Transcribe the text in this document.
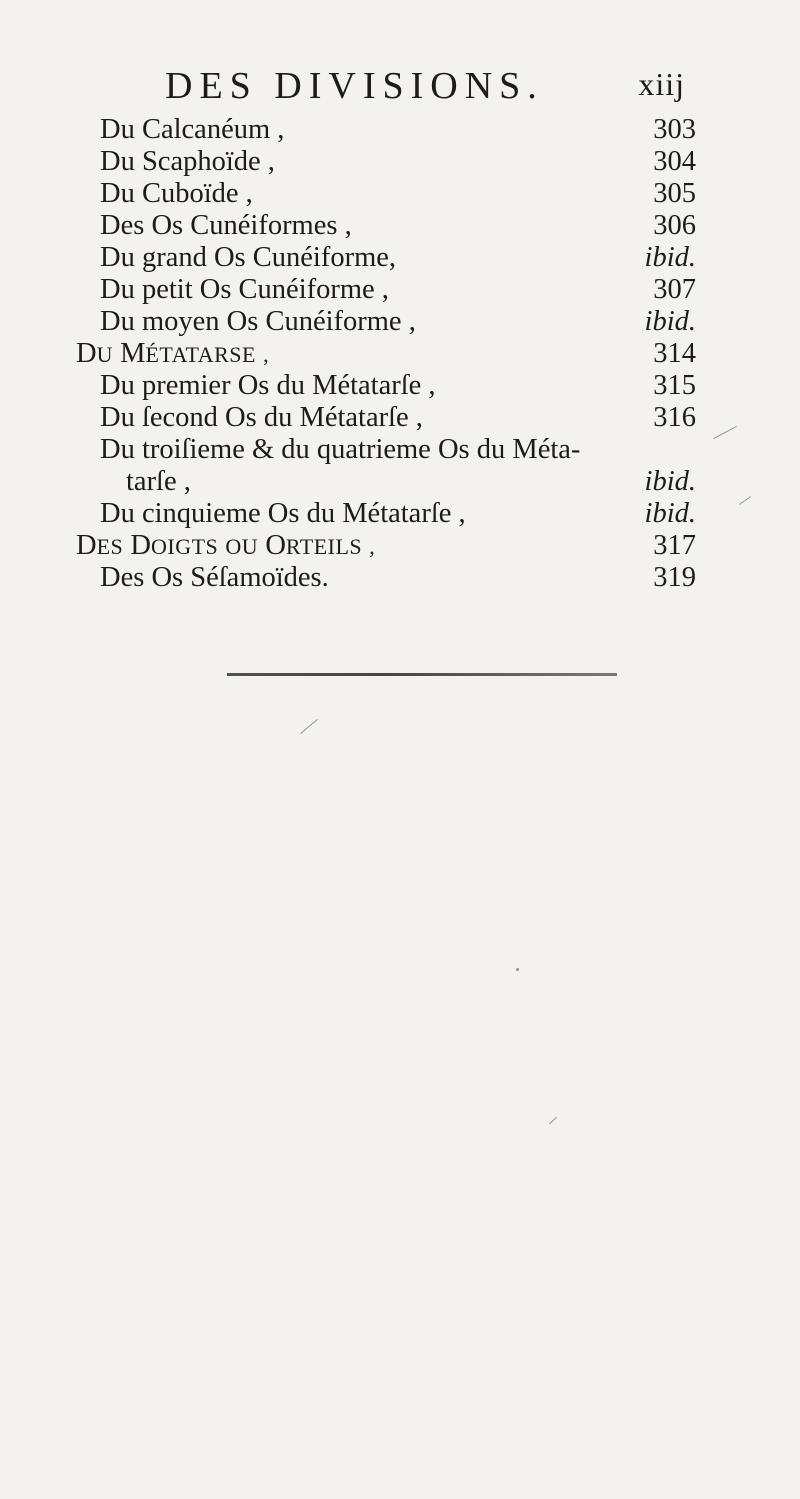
DES DIVISIONS.	xiij
Du Calcanéum ,	303
Du Scaphoïde ,	304
Du Cuboïde ,	305
Des Os Cunéiformes ,	306
Du grand Os Cunéiforme,	ibid.
Du petit Os Cunéiforme ,	307
Du moyen Os Cunéiforme ,	ibid.
DU MÉTATARSE ,	314
Du premier Os du Métatarſe ,	315
Du ſecond Os du Métatarſe ,	316
Du troiſieme & du quatrieme Os du Méta-
tarſe ,	ibid.
Du cinquieme Os du Métatarſe ,	ibid.
DES DOIGTS OU ORTEILS ,	317
Des Os Séſamoïdes.	319
